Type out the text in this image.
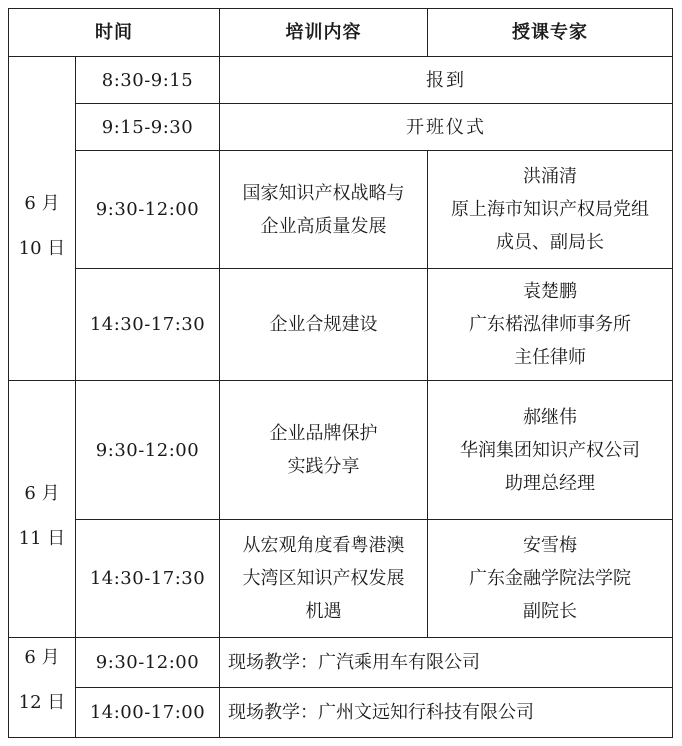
时间		培训内容	授课专家

6 月
10 日	8:30-9:15	报到	
	9:15-9:30	开班仪式	
	9:30-12:00	国家知识产权战略与
企业高质量发展	洪涌清
原上海市知识产权局党组
成员、副局长

	14:30-17:30	企业合规建设	袁楚鹏
广东楉泓律师事务所
主任律师

6 月
11 日	9:30-12:00	企业品牌保护
实践分享	郝继伟
华润集团知识产权公司
助理总经理

	14:30-17:30	从宏观角度看粤港澳
大湾区知识产权发展
机遇	安雪梅
广东金融学院法学院
副院长

6 月
12 日	9:30-12:00	现场教学：广汽乘用车有限公司	
	14:00-17:00	现场教学：广州文远知行科技有限公司	
